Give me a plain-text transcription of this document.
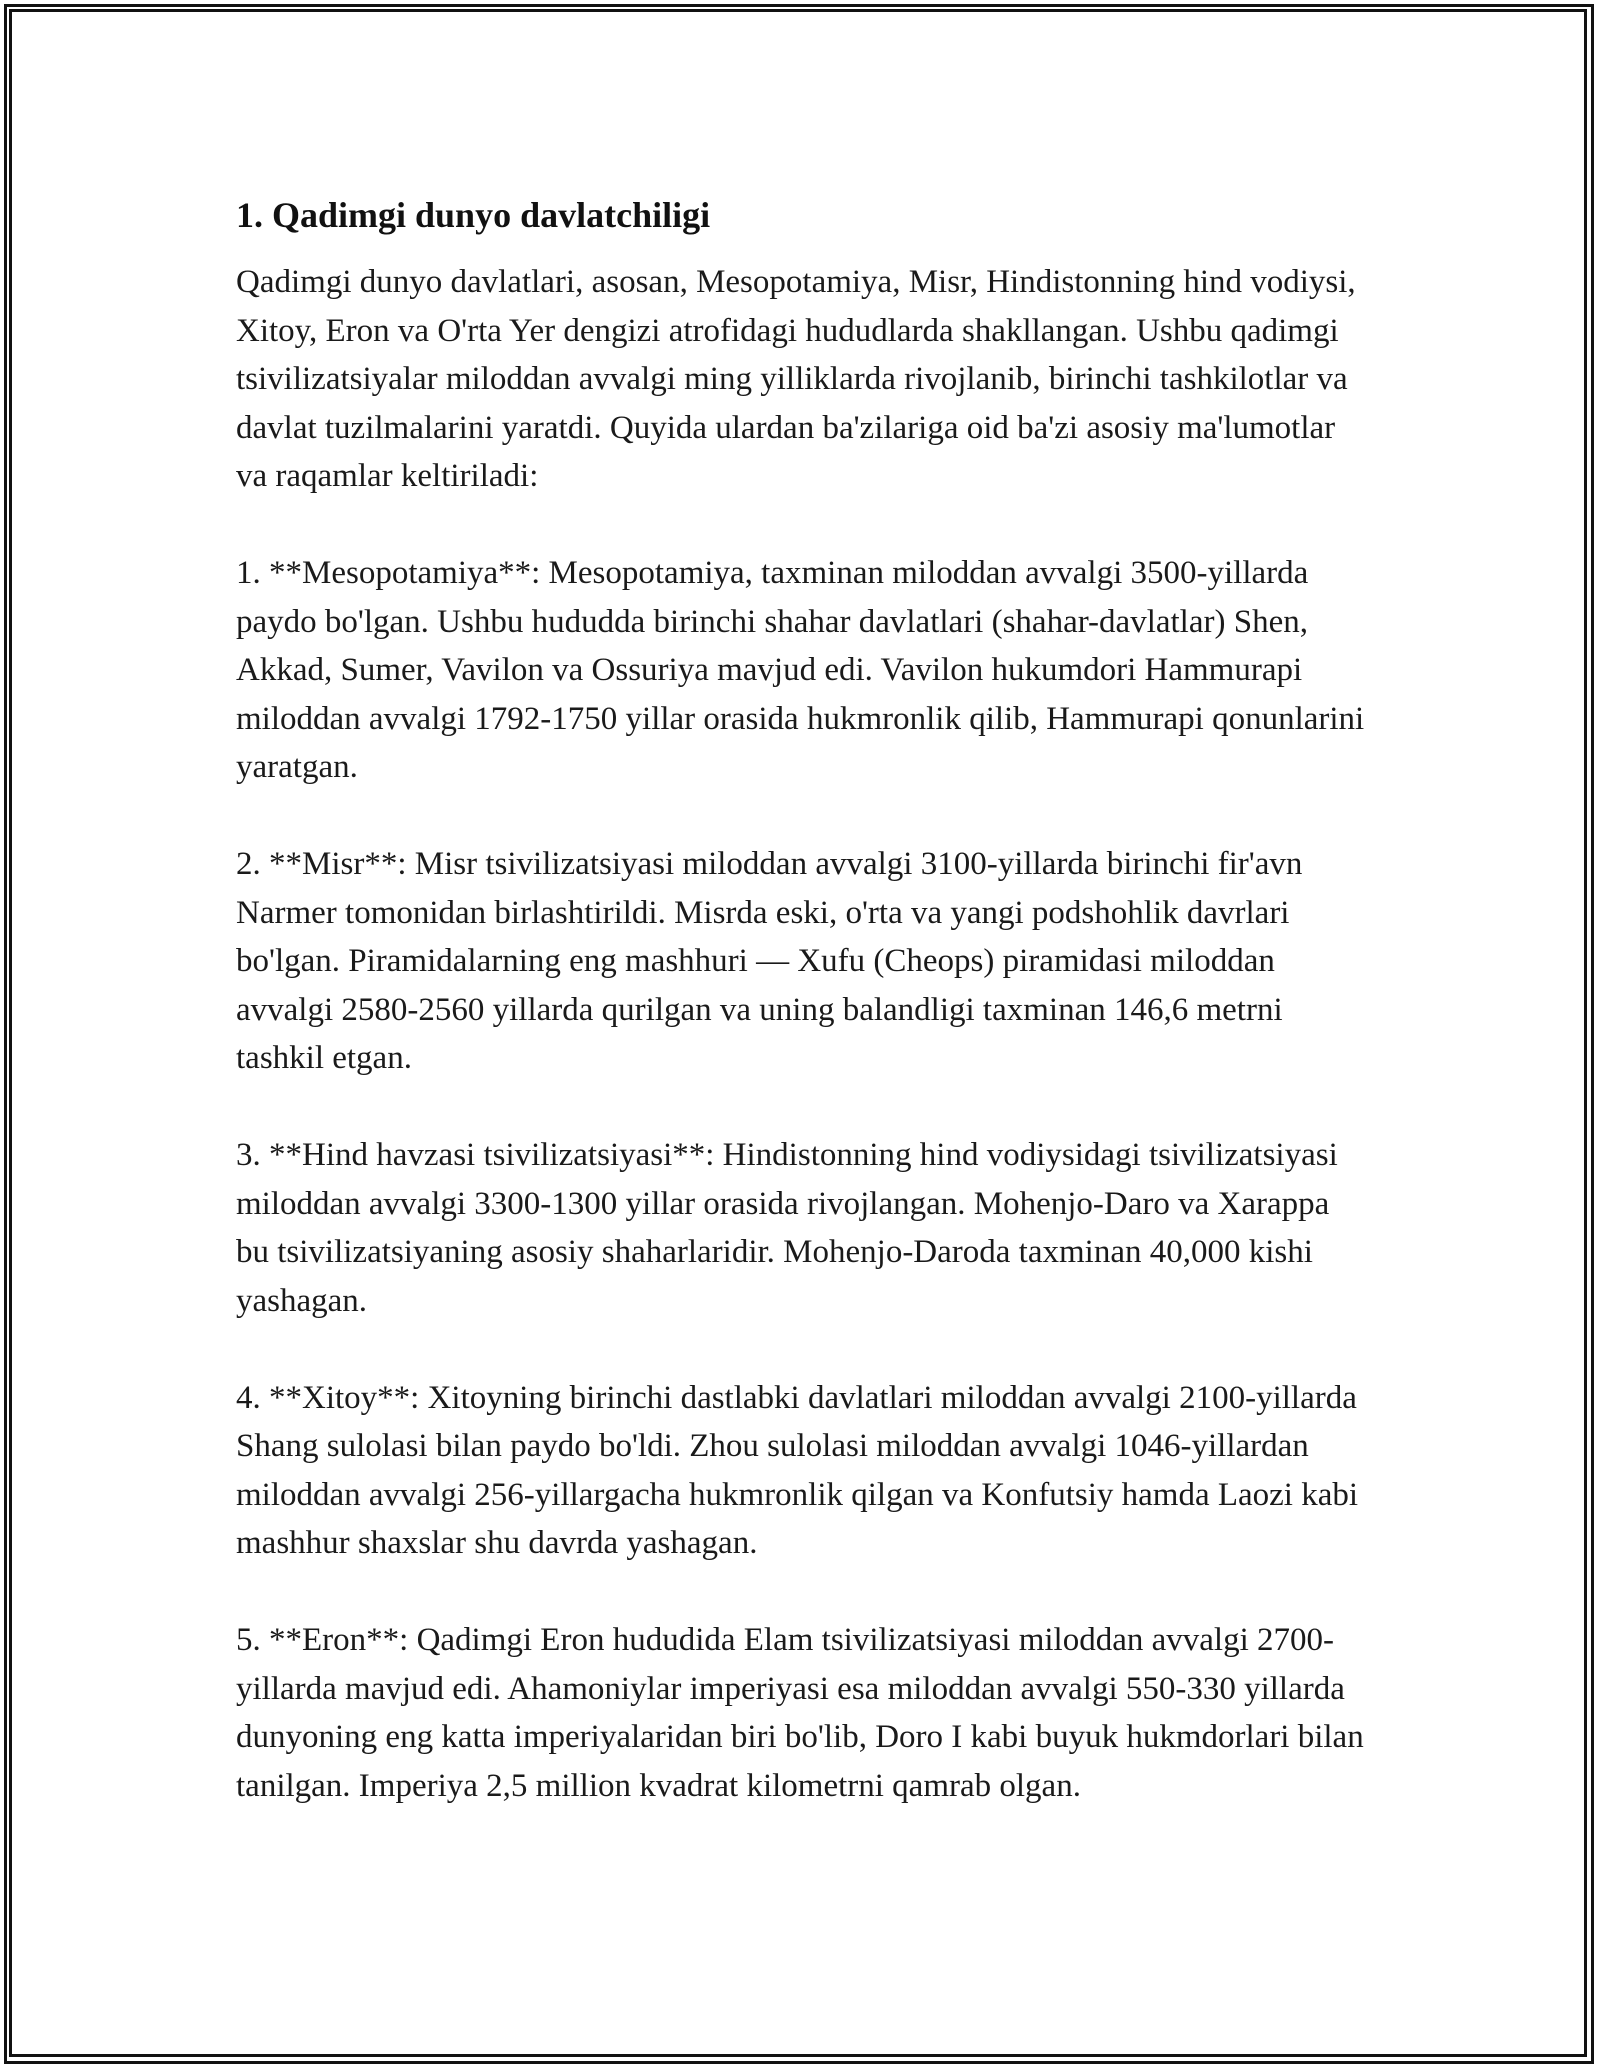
1. Qadimgi dunyo davlatchiligi

Qadimgi dunyo davlatlari, asosan, Mesopotamiya, Misr, Hindistonning hind vodiysi, Xitoy, Eron va O'rta Yer dengizi atrofidagi hududlarda shakllangan. Ushbu qadimgi tsivilizatsiyalar miloddan avvalgi ming yilliklarda rivojlanib, birinchi tashkilotlar va davlat tuzilmalarini yaratdi. Quyida ulardan ba'zilariga oid ba'zi asosiy ma'lumotlar va raqamlar keltiriladi:

1. **Mesopotamiya**: Mesopotamiya, taxminan miloddan avvalgi 3500-yillarda paydo bo'lgan. Ushbu hududda birinchi shahar davlatlari (shahar-davlatlar) Shen, Akkad, Sumer, Vavilon va Ossuriya mavjud edi. Vavilon hukumdori Hammurapi miloddan avvalgi 1792-1750 yillar orasida hukmronlik qilib, Hammurapi qonunlarini yaratgan.

2. **Misr**: Misr tsivilizatsiyasi miloddan avvalgi 3100-yillarda birinchi fir'avn Narmer tomonidan birlashtirildi. Misrda eski, o'rta va yangi podshohlik davrlari bo'lgan. Piramidalarning eng mashhuri — Xufu (Cheops) piramidasi miloddan avvalgi 2580-2560 yillarda qurilgan va uning balandligi taxminan 146,6 metrni tashkil etgan.

3. **Hind havzasi tsivilizatsiyasi**: Hindistonning hind vodiysidagi tsivilizatsiyasi miloddan avvalgi 3300-1300 yillar orasida rivojlangan. Mohenjo-Daro va Xarappa bu tsivilizatsiyaning asosiy shaharlaridir. Mohenjo-Daroda taxminan 40,000 kishi yashagan.

4. **Xitoy**: Xitoyning birinchi dastlabki davlatlari miloddan avvalgi 2100-yillarda Shang sulolasi bilan paydo bo'ldi. Zhou sulolasi miloddan avvalgi 1046-yillardan miloddan avvalgi 256-yillargacha hukmronlik qilgan va Konfutsiy hamda Laozi kabi mashhur shaxslar shu davrda yashagan.

5. **Eron**: Qadimgi Eron hududida Elam tsivilizatsiyasi miloddan avvalgi 2700-yillarda mavjud edi. Ahamoniylar imperiyasi esa miloddan avvalgi 550-330 yillarda dunyoning eng katta imperiyalaridan biri bo'lib, Doro I kabi buyuk hukmdorlari bilan tanilgan. Imperiya 2,5 million kvadrat kilometrni qamrab olgan.
